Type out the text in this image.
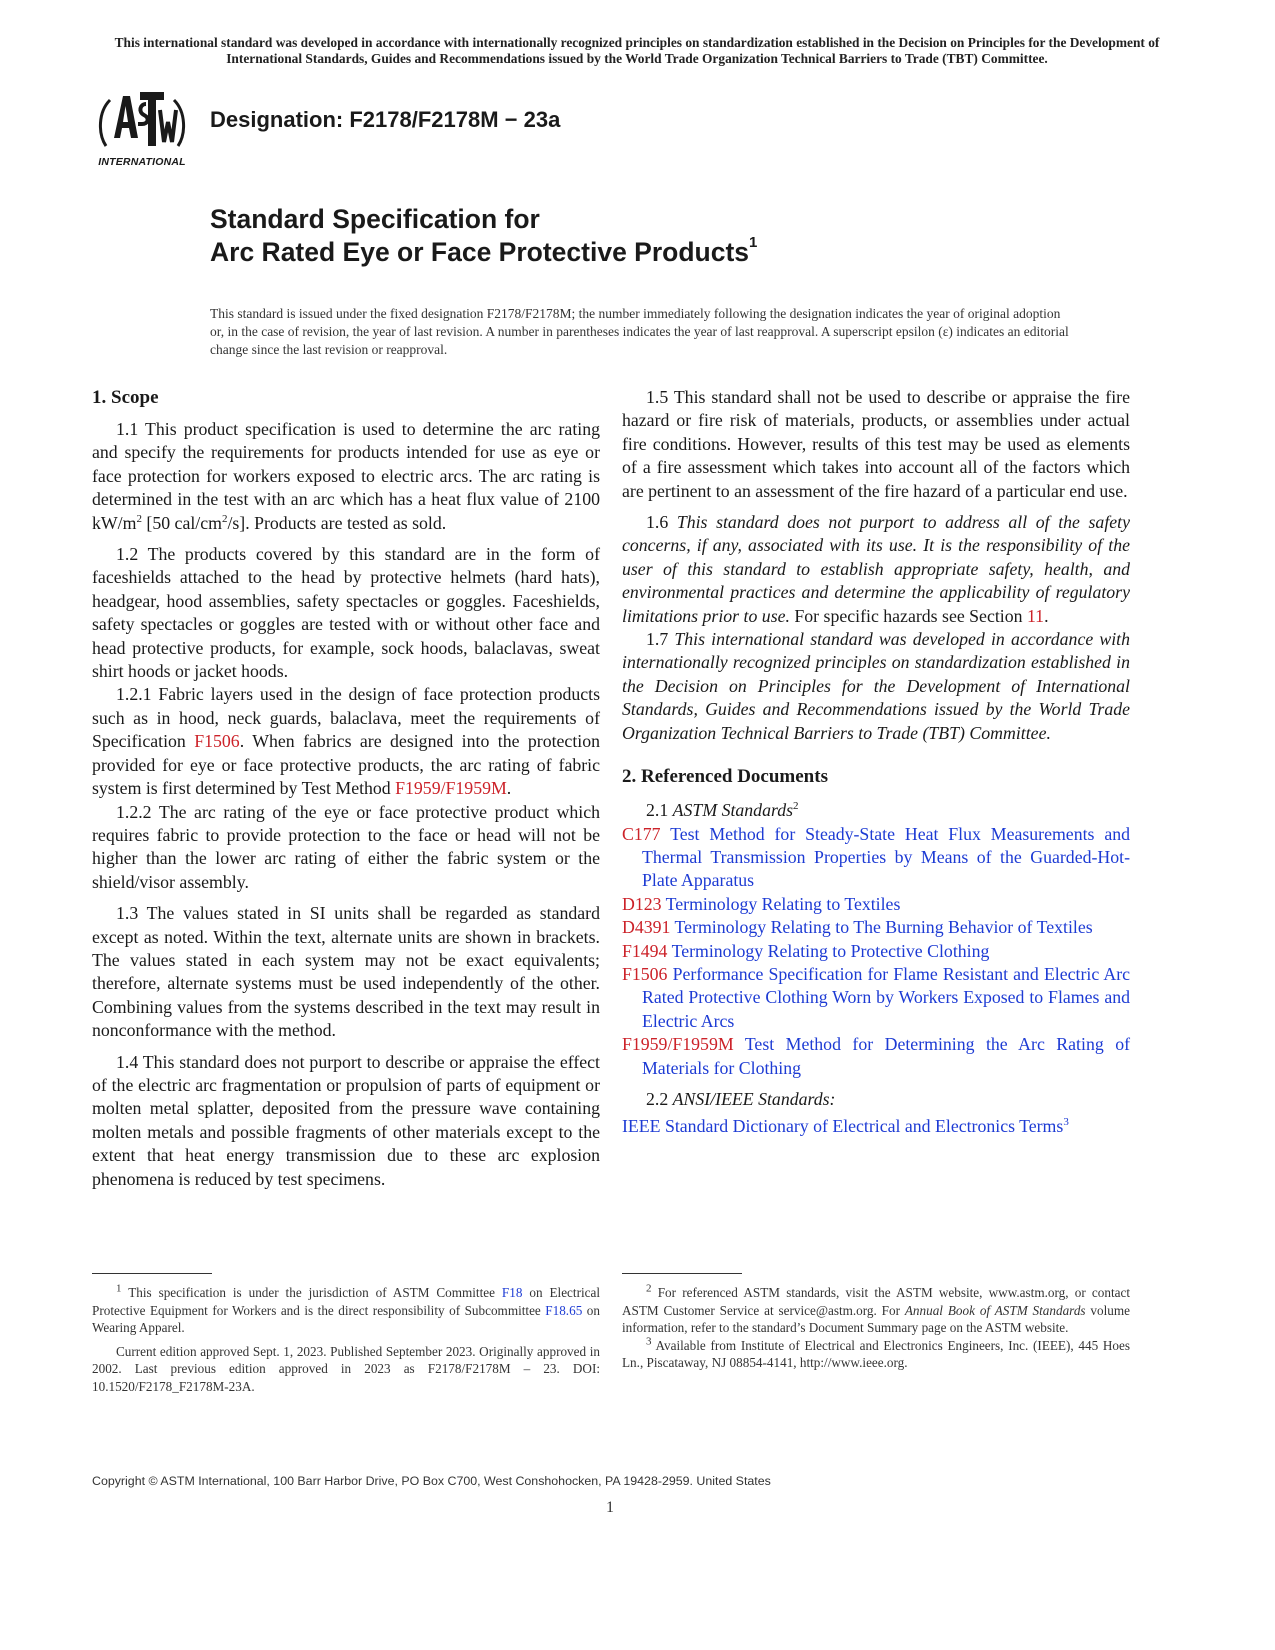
This international standard was developed in accordance with internationally recognized principles on standardization established in the Decision on Principles for the Development of International Standards, Guides and Recommendations issued by the World Trade Organization Technical Barriers to Trade (TBT) Committee.
INTERNATIONAL
Designation: F2178/F2178M − 23a
Standard Specification for
Arc Rated Eye or Face Protective Products$^1$
This standard is issued under the fixed designation F2178/F2178M; the number immediately following the designation indicates the year of original adoption or, in the case of revision, the year of last revision. A number in parentheses indicates the year of last reapproval. A superscript epsilon (ε) indicates an editorial change since the last revision or reapproval.
1. Scope

1.1 This product specification is used to determine the arc rating and specify the requirements for products intended for use as eye or face protection for workers exposed to electric arcs. The arc rating is determined in the test with an arc which has a heat flux value of 2100 $kW/m^2$ [50 cal/$cm^2/s$]. Products are tested as sold.

1.2 The products covered by this standard are in the form of faceshields attached to the head by protective helmets (hard hats), headgear, hood assemblies, safety spectacles or goggles. Faceshields, safety spectacles or goggles are tested with or without other face and head protective products, for example, sock hoods, balaclavas, sweat shirt hoods or jacket hoods.

1.2.1 Fabric layers used in the design of face protection products such as in hood, neck guards, balaclava, meet the requirements of Specification F1506. When fabrics are designed into the protection provided for eye or face protective products, the arc rating of fabric system is first determined by Test Method F1959/F1959M.

1.2.2 The arc rating of the eye or face protective product which requires fabric to provide protection to the face or head will not be higher than the lower arc rating of either the fabric system or the shield/visor assembly.

1.3 The values stated in SI units shall be regarded as standard except as noted. Within the text, alternate units are shown in brackets. The values stated in each system may not be exact equivalents; therefore, alternate systems must be used independently of the other. Combining values from the systems described in the text may result in nonconformance with the method.

1.4 This standard does not purport to describe or appraise the effect of the electric arc fragmentation or propulsion of parts of equipment or molten metal splatter, deposited from the pressure wave containing molten metals and possible fragments of other materials except to the extent that heat energy transmission due to these arc explosion phenomena is reduced by test specimens.

1.5 This standard shall not be used to describe or appraise the fire hazard or fire risk of materials, products, or assemblies under actual fire conditions. However, results of this test may be used as elements of a fire assessment which takes into account all of the factors which are pertinent to an assessment of the fire hazard of a particular end use.

1.6 This standard does not purport to address all of the safety concerns, if any, associated with its use. It is the responsibility of the user of this standard to establish appropriate safety, health, and environmental practices and determine the applicability of regulatory limitations prior to use. For specific hazards see Section 11.

1.7 This international standard was developed in accordance with internationally recognized principles on standardization established in the Decision on Principles for the Development of International Standards, Guides and Recommendations issued by the World Trade Organization Technical Barriers to Trade (TBT) Committee.

2. Referenced Documents

2.1 ASTM Standards$^2$

C177 Test Method for Steady-State Heat Flux Measurements and Thermal Transmission Properties by Means of the Guarded-Hot-Plate Apparatus
D123 Terminology Relating to Textiles
D4391 Terminology Relating to The Burning Behavior of Textiles
F1494 Terminology Relating to Protective Clothing
F1506 Performance Specification for Flame Resistant and Electric Arc Rated Protective Clothing Worn by Workers Exposed to Flames and Electric Arcs
F1959/F1959M Test Method for Determining the Arc Rating of Materials for Clothing

2.2 ANSI/IEEE Standards:

IEEE Standard Dictionary of Electrical and Electronics Terms$^3$

$^1$ This specification is under the jurisdiction of ASTM Committee F18 on Electrical Protective Equipment for Workers and is the direct responsibility of Subcommittee F18.65 on Wearing Apparel.

Current edition approved Sept. 1, 2023. Published September 2023. Originally approved in 2002. Last previous edition approved in 2023 as F2178/F2178M – 23. DOI: 10.1520/F2178_F2178M-23A.

$^2$ For referenced ASTM standards, visit the ASTM website, www.astm.org, or contact ASTM Customer Service at service@astm.org. For Annual Book of ASTM Standards volume information, refer to the standard’s Document Summary page on the ASTM website.

$^3$ Available from Institute of Electrical and Electronics Engineers, Inc. (IEEE), 445 Hoes Ln., Piscataway, NJ 08854-4141, http://www.ieee.org.

Copyright © ASTM International, 100 Barr Harbor Drive, PO Box C700, West Conshohocken, PA 19428-2959. United States
1
